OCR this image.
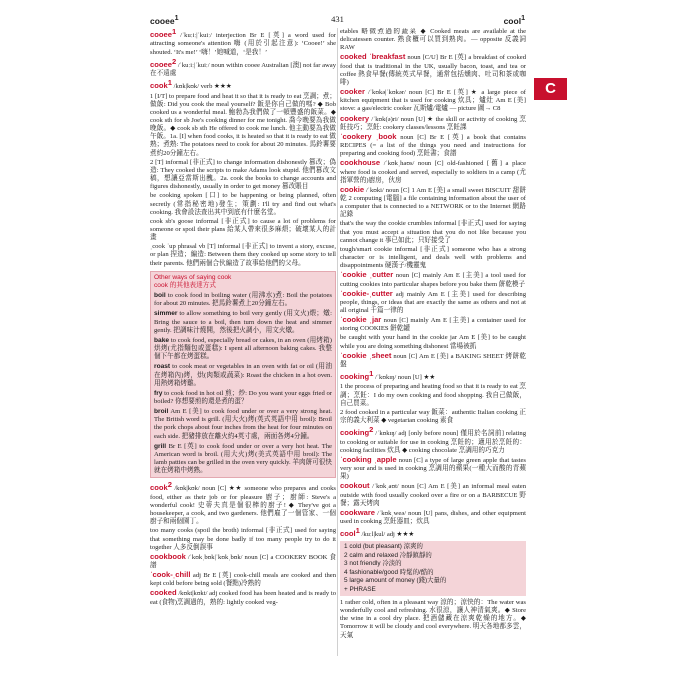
cooee$^1$	431	cool$^1$
C
cooee$^1$ /ˈkuːiː|ˈkuiː/ interjection Br E [英] a word used for attracting someone's attention 嗨 (用於引起注意): ‘Cooee!’ she shouted. ‘It's me!’ ‘嗨！’她喊道，‘是我！’
cooee$^2$ /ˈkuːiː|ˈkuiː/ noun within cooee Australian [澳] not far away 在不遠處
cook$^1$ /kʊk|kʊk/ verb ★★★
1 [I/T] to prepare food and heat it so that it is ready to eat 烹調；煮；做飯: Did you cook the meal yourself? 飯是你自己做的嗎? ◆ Bob cooked us a wonderful meal. 鮑勃為我們做了一頓豐盛的飯菜。◆ cook sth for sb Joe's cooking dinner for me tonight. 喬今晚要為我做晚飯。◆ cook sb sth He offered to cook me lunch. 他主動要為我做午飯。1a. [I] when food cooks, it is heated so that it is ready to eat 做熟；煮熟: The potatoes need to cook for about 20 minutes. 馬鈴薯要煮約20分鐘左右。
2 [T] informal [非正式] to change information dishonestly 篡改；偽造: They cooked the scripts to make Adams look stupid. 他們篡改文稿，想讓亞當斯出醜。2a. cook the books to change accounts and figures dishonestly, usually in order to get money 篡改賬目
be cooking spoken [口] to be happening or being planned, often secretly (常指秘密地)發生；策劃: I'll try and find out what's cooking. 我會設法查出其中到底有什麼名堂。
cook sb's goose informal [非正式] to cause a lot of problems for someone or spoil their plans 給某人帶來很多麻煩；破壞某人的計畫
ˌcook ˈup phrasal vb [T] informal [非正式] to invent a story, excuse, or plan 捏造；編造: Between them they cooked up some story to tell their parents. 他們兩個合伙編造了故事給他們的父母。
Other ways of saying cook
cook 的其他表達方式
boil to cook food in boiling water (用沸水)煮: Boil the potatoes for about 20 minutes. 把馬鈴薯煮上20分鐘左右。
simmer to allow something to boil very gently (用文火)煨；燉: Bring the sauce to a boil, then turn down the heat and simmer gently. 把調味汁燒開，然後把火調小，用文火燉。
bake to cook food, especially bread or cakes, in an oven (用烤箱)烘烤(尤指麵包或蛋糕): I spent all afternoon baking cakes. 我整個下午都在烤蛋糕。
roast to cook meat or vegetables in an oven with fat or oil (用油在烤箱內)烤，烘(肉類或蔬菜): Roast the chicken in a hot oven. 用熱烤箱烤雞。
fry to cook food in hot oil 煎；炒: Do you want your eggs fried or boiled? 你想要煎的還是煮的蛋？
broil Am E [美] to cook food under or over a very strong heat. The British word is grill. (用大火)烤(英式英語中用 broil): Broil the pork chops about four inches from the heat for four minutes on each side. 把豬排放在離火約4英寸處，兩面各烤4分鐘。
grill Br E [英] to cook food under or over a very hot heat. The American word is broil. (用大火)烤(美式英語中用 broil): The lamb patties can be grilled in the oven very quickly. 羊肉餅可很快就在烤箱中烤熟。
cook$^2$ /kʊk|kʊk/ noun [C] ★★ someone who prepares and cooks food, either as their job or for pleasure 廚子；廚師: Steve's a wonderful cook! 史蒂夫真是個很棒的廚子! ◆ They've got a housekeeper, a cook, and two gardeners. 他們雇了一個管家、一個廚子和兩個園丁。
too many cooks (spoil the broth) informal [非正式] used for saying that something may be done badly if too many people try to do it together 人多反倒誤事
cookbook /ˈkʊkˌbʊk|ˈkʊkˌbʊk/ noun [C] a COOKERY BOOK 食譜
ˈcook-ˌchill adj Br E [英] cook-chill meals are cooked and then kept cold before being sold (餐點)冷熟的
cooked /kʊkt|kʊkt/ adj cooked food has been heated and is ready to eat (食物)烹調過的，熟的: lightly cooked veg-
etables 略微煮過的蔬菜 ◆ Cooked meats are available at the delicatessen counter. 熟食櫃可以買到熟肉。— opposite 反義詞 RAW
cooked ˈbreakfast noun [C/U] Br E [英] a breakfast of cooked food that is traditional in the UK, usually bacon, toast, and tea or coffee 熱食早餐(傳統英式早餐，通常包括燻肉、吐司和茶或咖啡)
cooker /ˈkʊkə|ˈkʊkər/ noun [C] Br E [英] ★ a large piece of kitchen equipment that is used for cooking 炊具；爐灶 Am E [美] stove: a gas/electric cooker 瓦斯爐/電爐 — picture 圖→ C8
cookery /ˈkʊk(ə)ri/ noun [U] ★ the skill or activity of cooking 烹飪技巧；烹飪: cookery classes/lessons 烹飪課
ˈcookery ˌbook noun [C] Br E [英] a book that contains RECIPES (= a list of the things you need and instructions for preparing and cooking food) 烹飪書；食譜
cookhouse /ˈkʊkˌhaʊs/ noun [C] old-fashioned [舊] a place where food is cooked and served, especially to soldiers in a camp (尤指軍營的)廚房，伙房
cookie /ˈkʊki/ noun [C] 1 Am E [美] a small sweet BISCUIT 甜餅乾 2 computing [電腦] a file containing information about the user of a computer that is connected to a NETWORK or to the Internet 網路記錄
that's the way the cookie crumbles informal [非正式] used for saying that you must accept a situation that you do not like because you cannot change it 事已如此；只好接受了
tough/smart cookie informal [非正式] someone who has a strong character or is intelligent, and deals well with problems and disappointments 硬漢子/機靈鬼
ˈcookie ˌcutter noun [C] mainly Am E [主美] a tool used for cutting cookies into particular shapes before you bake them 餅乾模子
ˈcookie-ˌcutter adj mainly Am E [主美] used for describing people, things, or ideas that are exactly the same as others and not at all original 千篇一律的
ˈcookie ˌjar noun [C] mainly Am E [主美] a container used for storing COOKIES 餅乾罐
be caught with your hand in the cookie jar Am E [美] to be caught while you are doing something dishonest 當場被抓
ˈcookie ˌsheet noun [C] Am E [美] a BAKING SHEET 烤餅乾盤
cooking$^1$ /ˈkʊkɪŋ/ noun [U] ★★
1 the process of preparing and heating food so that it is ready to eat 烹調；烹飪：I do my own cooking and food shopping. 我自己做飯，自己買菜。
2 food cooked in a particular way 飯菜：authentic Italian cooking 正宗的義大利菜 ◆ vegetarian cooking 素食
cooking$^2$ /ˈkʊkɪŋ/ adj [only before noun] 僅用於名詞前] relating to cooking or suitable for use in cooking 烹飪的；適用於烹飪的：cooking facilities 炊具 ◆ cooking chocolate 烹調用的巧克力
ˈcooking ˌapple noun [C] a type of large green apple that tastes very sour and is used in cooking 烹調用的蘋果(一種大而酸的青蘋果)
cookout /ˈkʊkˌaʊt/ noun [C] Am E [美] an informal meal eaten outside with food usually cooked over a fire or on a BARBECUE 野餐；露天烤肉
cookware /ˈkʊkˌweə/ noun [U] pans, dishes, and other equipment used in cooking 烹飪器皿；炊具
cool$^1$ /kuːl|kul/ adj ★★★
1 cold (but pleasant) 涼爽的
2 calm and relaxed 冷靜鎮靜的
3 not friendly 冷淡的
4 fashionable/good 時髦的/酷的
5 large amount of money (錢)大量的
+ PHRASE
1 rather cold, often in a pleasant way 涼的；涼快的：The water was wonderfully cool and refreshing. 水很涼，讓人神清氣爽。◆ Store the wine in a cool dry place. 把酒儲藏在涼爽乾燥的地方。◆ Tomorrow it will be cloudy and cool everywhere. 明天各地都多雲，天氣
